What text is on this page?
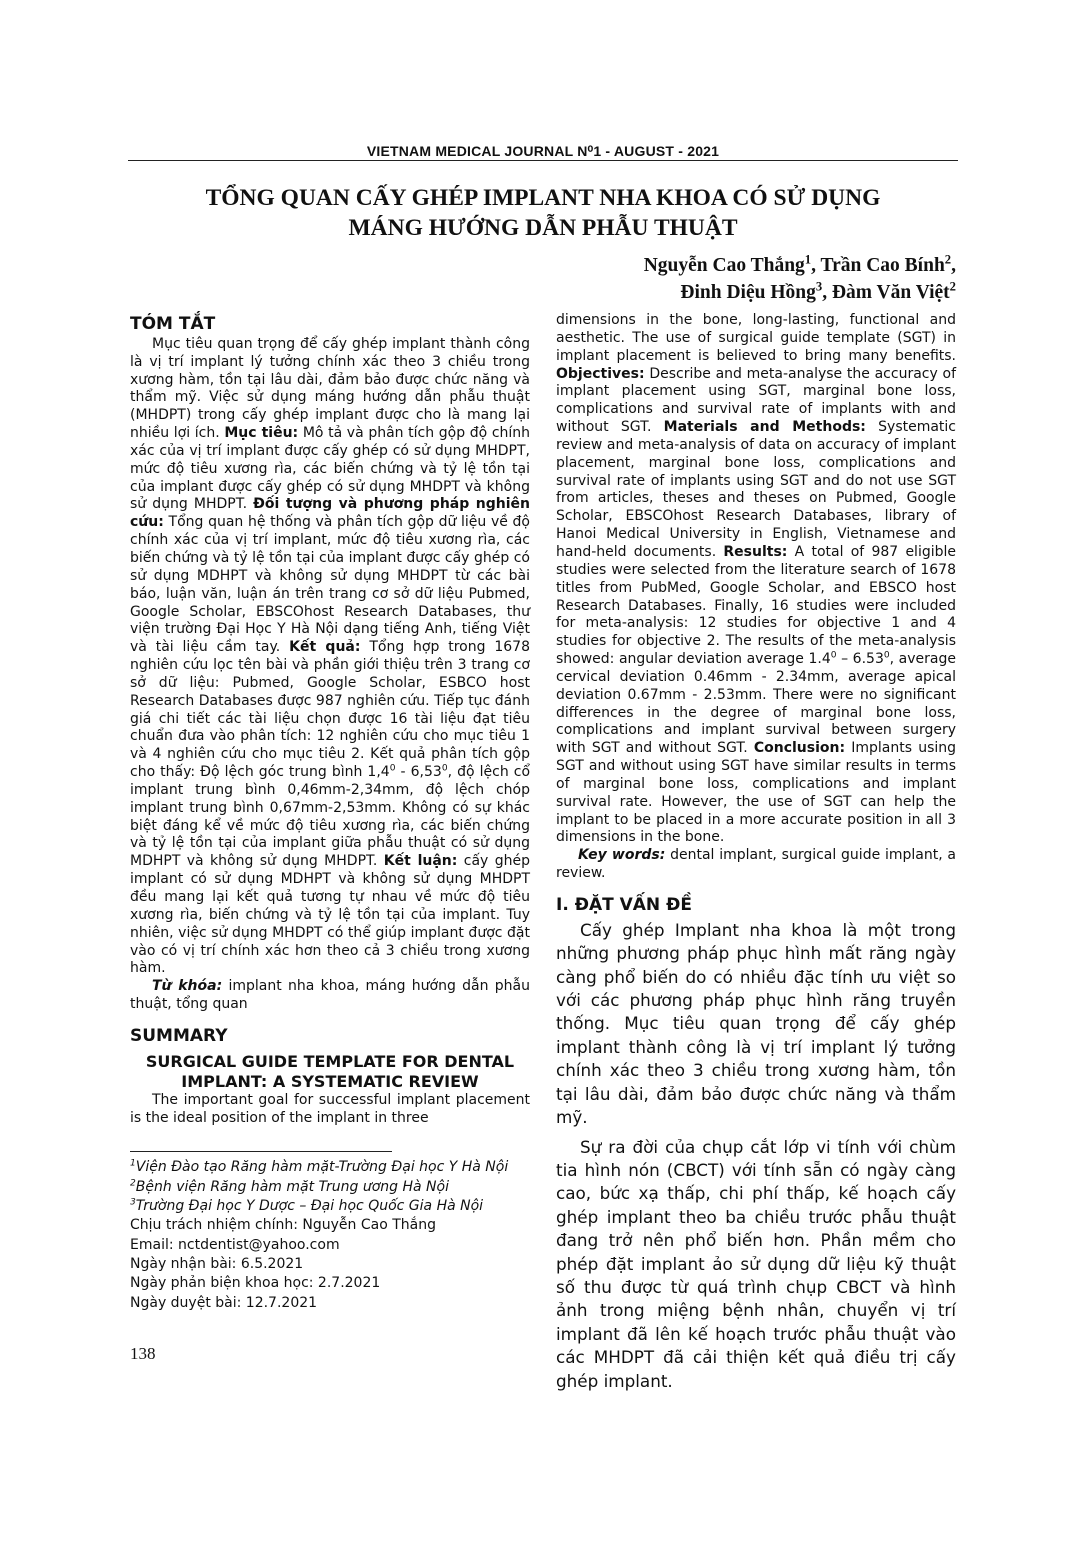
VIETNAM MEDICAL JOURNAL N⁰1 - AUGUST - 2021
TỔNG QUAN CẤY GHÉP IMPLANT NHA KHOA CÓ SỬ DỤNG
MÁNG HƯỚNG DẪN PHẪU THUẬT
Nguyễn Cao Thắng$^1$, Trần Cao Bính$^2$,
Đinh Diệu Hồng$^3$, Đàm Văn Việt$^2$
TÓM TẮT

Mục tiêu quan trọng để cấy ghép implant thành công là vị trí implant lý tưởng chính xác theo 3 chiều trong xương hàm, tồn tại lâu dài, đảm bảo được chức năng và thẩm mỹ. Việc sử dụng máng hướng dẫn phẫu thuật (MHDPT) trong cấy ghép implant được cho là mang lại nhiều lợi ích. Mục tiêu: Mô tả và phân tích gộp độ chính xác của vị trí implant được cấy ghép có sử dụng MHDPT, mức độ tiêu xương rìa, các biến chứng và tỷ lệ tồn tại của implant được cấy ghép có sử dụng MHDPT và không sử dụng MHDPT. Đối tượng và phương pháp nghiên cứu: Tổng quan hệ thống và phân tích gộp dữ liệu về độ chính xác của vị trí implant, mức độ tiêu xương rìa, các biến chứng và tỷ lệ tồn tại của implant được cấy ghép có sử dụng MDHPT và không sử dụng MHDPT từ các bài báo, luận văn, luận án trên trang cơ sở dữ liệu Pubmed, Google Scholar, EBSCOhost Research Databases, thư viện trường Đại Học Y Hà Nội dạng tiếng Anh, tiếng Việt và tài liệu cầm tay. Kết quả: Tổng hợp trong 1678 nghiên cứu lọc tên bài và phần giới thiệu trên 3 trang cơ sở dữ liệu: Pubmed, Google Scholar, ESBCO host Research Databases được 987 nghiên cứu. Tiếp tục đánh giá chi tiết các tài liệu chọn được 16 tài liệu đạt tiêu chuẩn đưa vào phân tích: 12 nghiên cứu cho mục tiêu 1 và 4 nghiên cứu cho mục tiêu 2. Kết quả phân tích gộp cho thấy: Độ lệch góc trung bình $1,4^0 - 6,53^0$, độ lệch cổ implant trung bình 0,46mm-2,34mm, độ lệch chóp implant trung bình 0,67mm-2,53mm. Không có sự khác biệt đáng kể về mức độ tiêu xương rìa, các biến chứng và tỷ lệ tồn tại của implant giữa phẫu thuật có sử dụng MDHPT và không sử dụng MHDPT. Kết luận: cấy ghép implant có sử dụng MDHPT và không sử dụng MHDPT đều mang lại kết quả tương tự nhau về mức độ tiêu xương rìa, biến chứng và tỷ lệ tồn tại của implant. Tuy nhiên, việc sử dụng MHDPT có thể giúp implant được đặt vào có vị trí chính xác hơn theo cả 3 chiều trong xương hàm.

Từ khóa: implant nha khoa, máng hướng dẫn phẫu thuật, tổng quan

SUMMARY
SURGICAL GUIDE TEMPLATE FOR DENTAL
IMPLANT: A SYSTEMATIC REVIEW

The important goal for successful implant placement is the ideal position of the implant in three

$^1$Viện Đào tạo Răng hàm mặt-Trường Đại học Y Hà Nội
$^2$Bệnh viện Răng hàm mặt Trung ương Hà Nội
$^3$Trường Đại học Y Dược – Đại học Quốc Gia Hà Nội
Chịu trách nhiệm chính: Nguyễn Cao Thắng
Email: nctdentist@yahoo.com
Ngày nhận bài: 6.5.2021
Ngày phản biện khoa học: 2.7.2021
Ngày duyệt bài: 12.7.2021

dimensions in the bone, long-lasting, functional and aesthetic. The use of surgical guide template (SGT) in implant placement is believed to bring many benefits. Objectives: Describe and meta-analyse the accuracy of implant placement using SGT, marginal bone loss, complications and survival rate of implants with and without SGT. Materials and Methods: Systematic review and meta-analysis of data on accuracy of implant placement, marginal bone loss, complications and survival rate of implants using SGT and do not use SGT from articles, theses and theses on Pubmed, Google Scholar, EBSCOhost Research Databases, library of Hanoi Medical University in English, Vietnamese and hand-held documents. Results: A total of 987 eligible studies were selected from the literature search of 1678 titles from PubMed, Google Scholar, and EBSCO host Research Databases. Finally, 16 studies were included for meta-analysis: 12 studies for objective 1 and 4 studies for objective 2. The results of the meta-analysis showed: angular deviation average $1.4^0 - 6.53^0$, average cervical deviation 0.46mm - 2.34mm, average apical deviation 0.67mm - 2.53mm. There were no significant differences in the degree of marginal bone loss, complications and implant survival between surgery with SGT and without SGT. Conclusion: Implants using SGT and without using SGT have similar results in terms of marginal bone loss, complications and implant survival rate. However, the use of SGT can help the implant to be placed in a more accurate position in all 3 dimensions in the bone.

Key words: dental implant, surgical guide implant, a review.

I. ĐẶT VẤN ĐỀ

Cấy ghép Implant nha khoa là một trong những phương pháp phục hình mất răng ngày càng phổ biến do có nhiều đặc tính ưu việt so với các phương pháp phục hình răng truyền thống. Mục tiêu quan trọng để cấy ghép implant thành công là vị trí implant lý tưởng chính xác theo 3 chiều trong xương hàm, tồn tại lâu dài, đảm bảo được chức năng và thẩm mỹ.

Sự ra đời của chụp cắt lớp vi tính với chùm tia hình nón (CBCT) với tính sẵn có ngày càng cao, bức xạ thấp, chi phí thấp, kế hoạch cấy ghép implant theo ba chiều trước phẫu thuật đang trở nên phổ biến hơn. Phần mềm cho phép đặt implant ảo sử dụng dữ liệu kỹ thuật số thu được từ quá trình chụp CBCT và hình ảnh trong miệng bệnh nhân, chuyển vị trí implant đã lên kế hoạch trước phẫu thuật vào các MHDPT đã cải thiện kết quả điều trị cấy ghép implant.

138
